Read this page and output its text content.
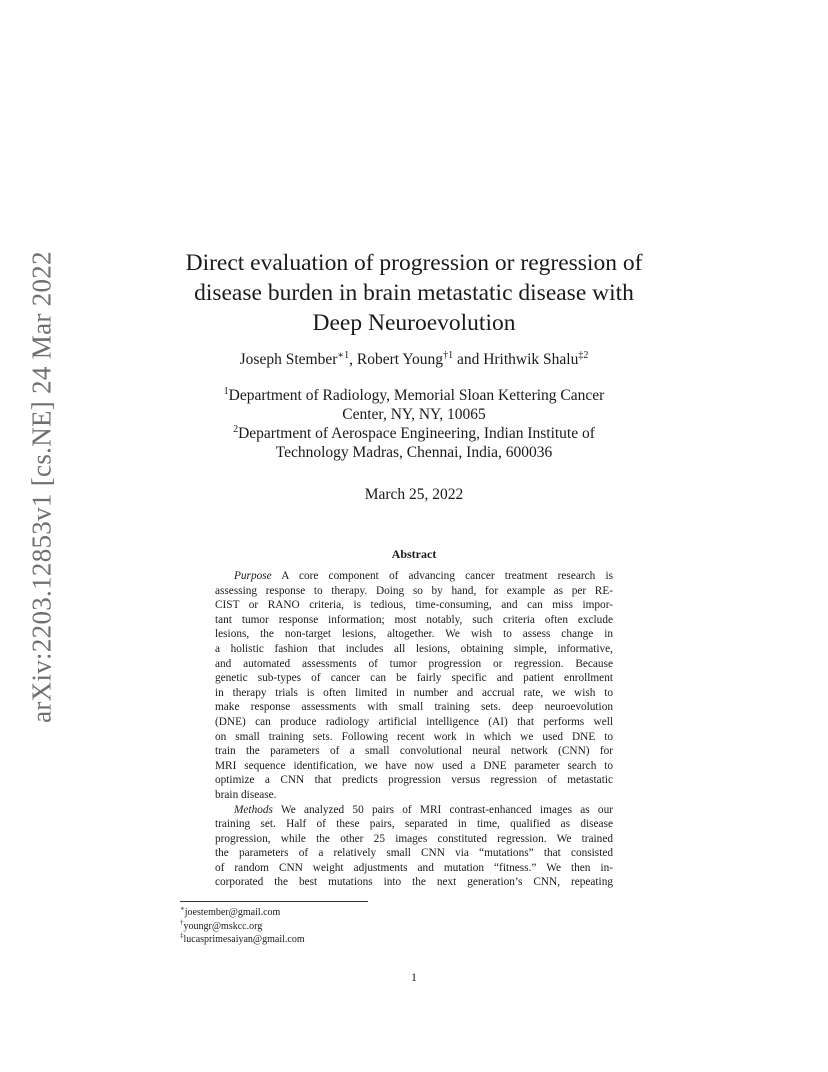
arXiv:2203.12853v1 [cs.NE] 24 Mar 2022	Direct evaluation of progression or regression of
disease burden in brain metastatic disease with
Deep Neuroevolution
Joseph Stember$^{∗1}$, Robert Young$^{\dagger 1}$ and Hrithwik Shalu$^{\ddagger 2}$
$^1$Department of Radiology, Memorial Sloan Kettering Cancer
Center, NY, NY, 10065
$^2$Department of Aerospace Engineering, Indian Institute of
Technology Madras, Chennai, India, 600036
March 25, 2022
Abstract
Purpose A core component of advancing cancer treatment research is
assessing response to therapy. Doing so by hand, for example as per RE-
CIST or RANO criteria, is tedious, time-consuming, and can miss impor-
tant tumor response information; most notably, such criteria often exclude
lesions, the non-target lesions, altogether. We wish to assess change in
a holistic fashion that includes all lesions, obtaining simple, informative,
and automated assessments of tumor progression or regression. Because
genetic sub-types of cancer can be fairly specific and patient enrollment
in therapy trials is often limited in number and accrual rate, we wish to
make response assessments with small training sets. deep neuroevolution
(DNE) can produce radiology artificial intelligence (AI) that performs well
on small training sets. Following recent work in which we used DNE to
train the parameters of a small convolutional neural network (CNN) for
MRI sequence identification, we have now used a DNE parameter search to
optimize a CNN that predicts progression versus regression of metastatic
brain disease.
Methods We analyzed 50 pairs of MRI contrast-enhanced images as our
training set. Half of these pairs, separated in time, qualified as disease
progression, while the other 25 images constituted regression. We trained
the parameters of a relatively small CNN via “mutations” that consisted
of random CNN weight adjustments and mutation “fitness.” We then in-
corporated the best mutations into the next generation’s CNN, repeating
∗joestember@gmail.com
†youngr@mskcc.org
‡lucasprimesaiyan@gmail.com
1
